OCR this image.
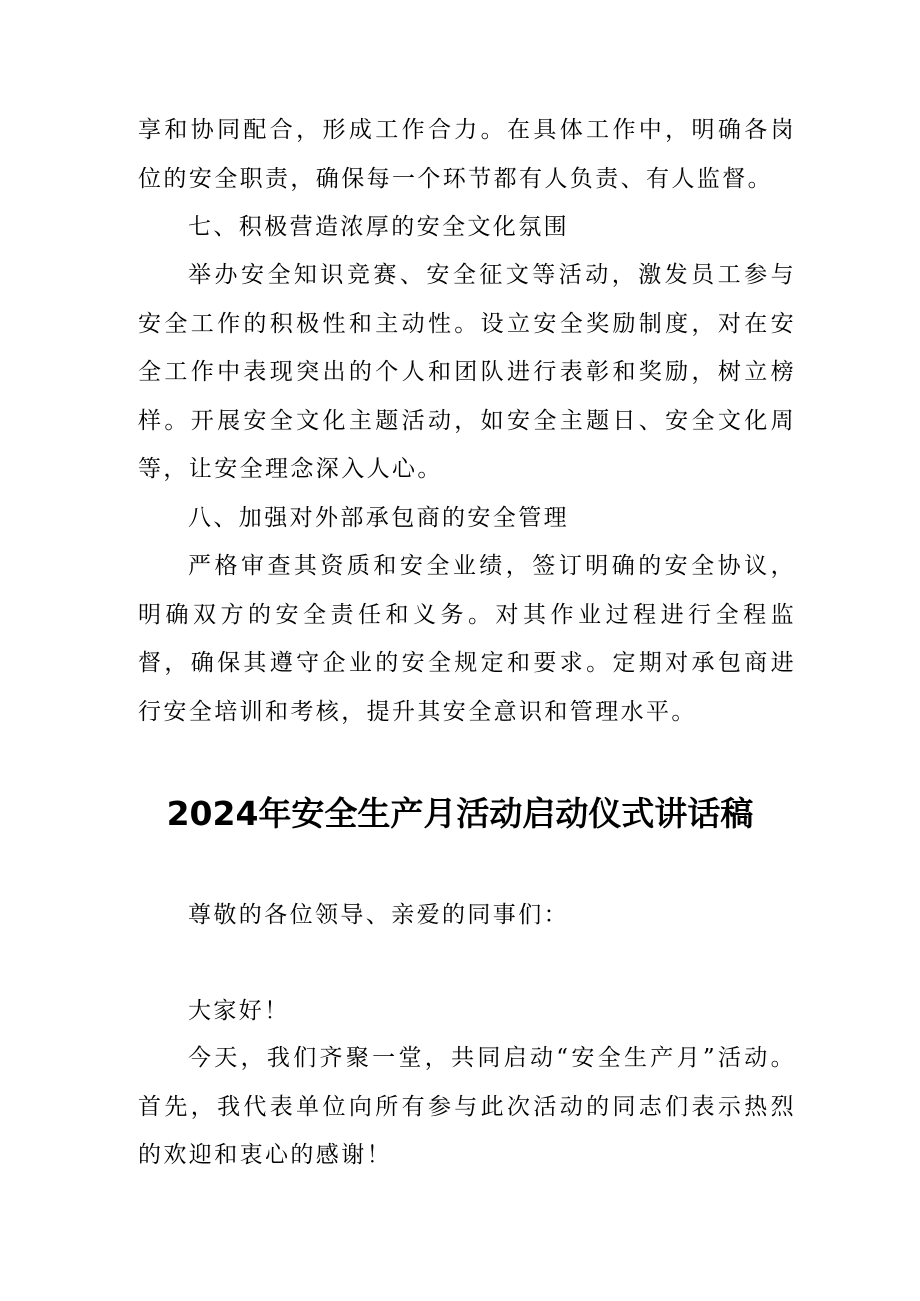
享和协同配合，形成工作合力。在具体工作中，明确各岗位的安全职责，确保每一个环节都有人负责、有人监督。

七、积极营造浓厚的安全文化氛围

举办安全知识竞赛、安全征文等活动，激发员工参与安全工作的积极性和主动性。设立安全奖励制度，对在安全工作中表现突出的个人和团队进行表彰和奖励，树立榜样。开展安全文化主题活动，如安全主题日、安全文化周等，让安全理念深入人心。

八、加强对外部承包商的安全管理

严格审查其资质和安全业绩，签订明确的安全协议，明确双方的安全责任和义务。对其作业过程进行全程监督，确保其遵守企业的安全规定和要求。定期对承包商进行安全培训和考核，提升其安全意识和管理水平。

2024年安全生产月活动启动仪式讲话稿

尊敬的各位领导、亲爱的同事们：

大家好！

今天，我们齐聚一堂，共同启动“安全生产月”活动。首先，我代表单位向所有参与此次活动的同志们表示热烈的欢迎和衷心的感谢！
